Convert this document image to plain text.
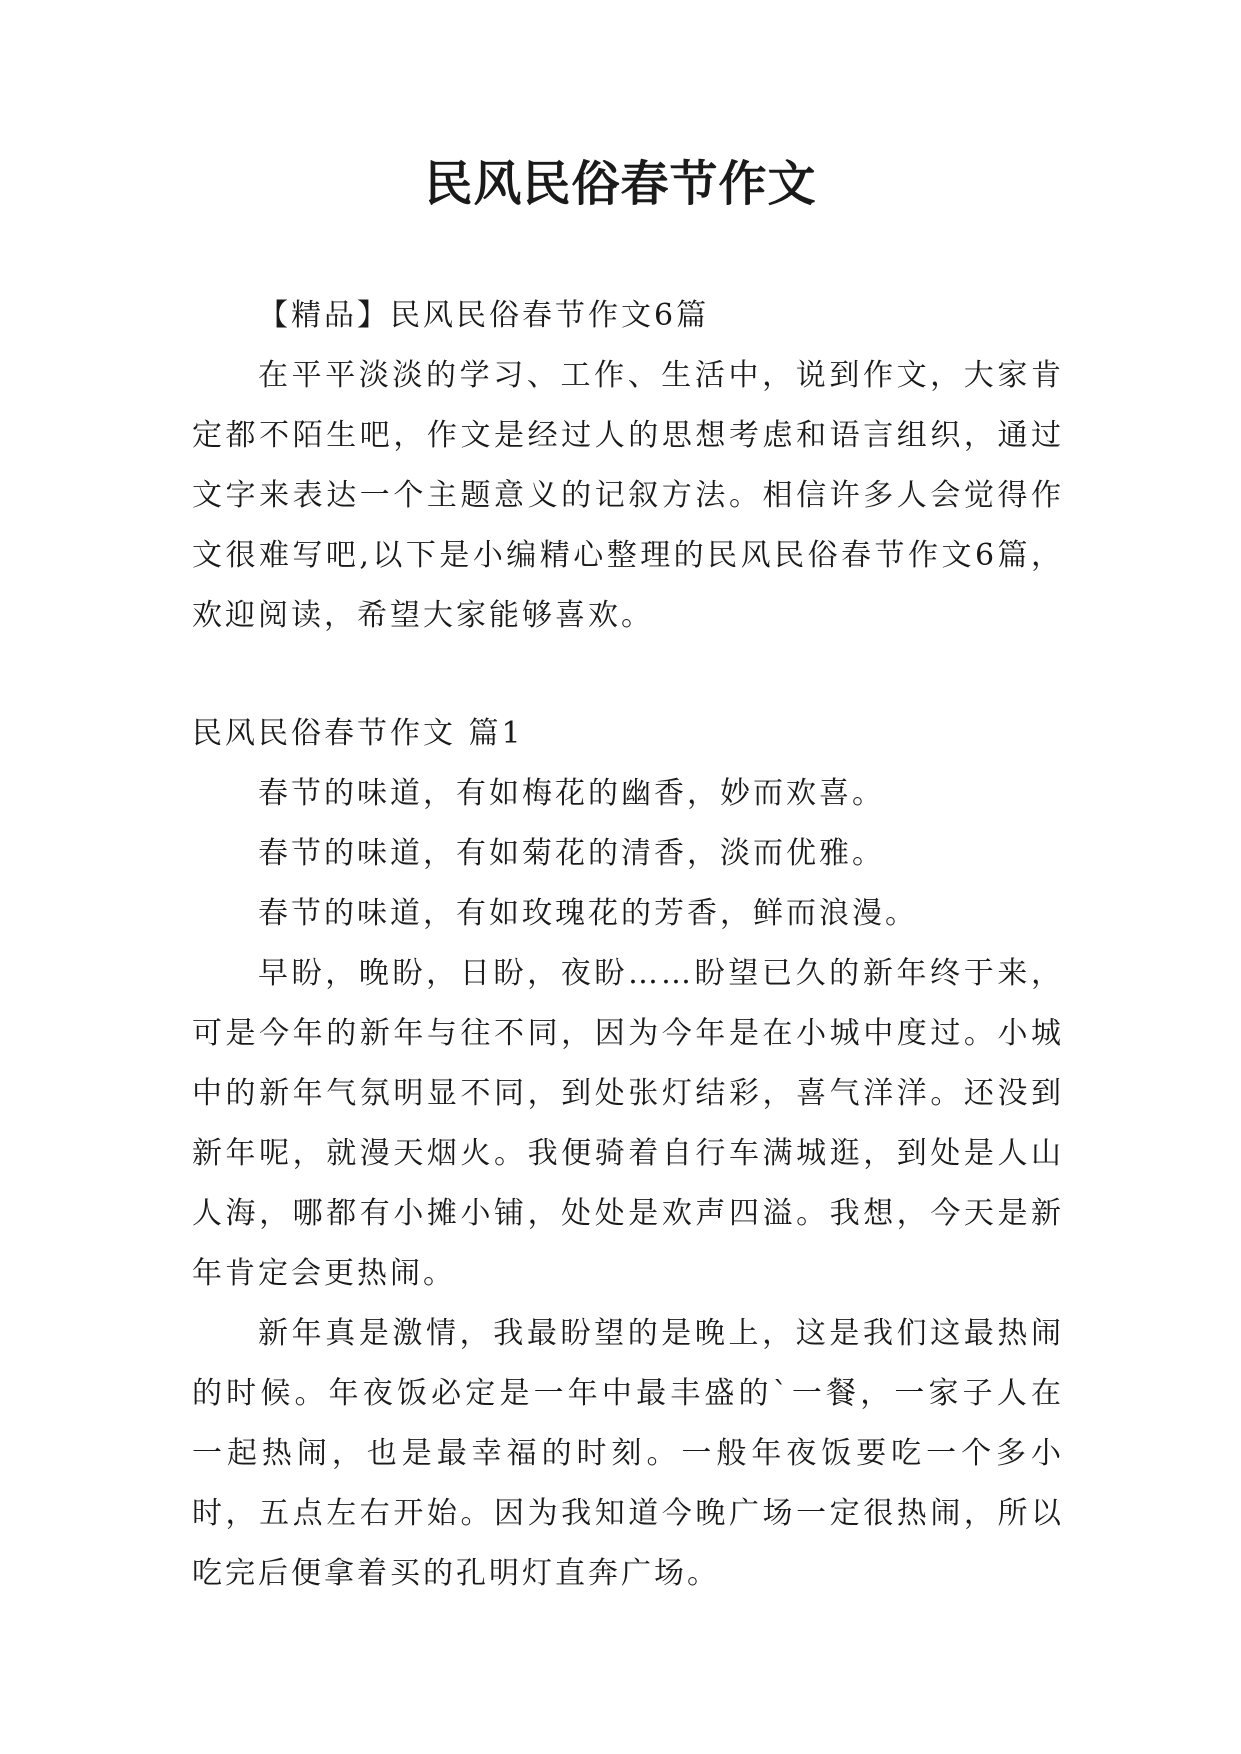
民风民俗春节作文

【精品】民风民俗春节作文6篇

在平平淡淡的学习、工作、生活中，说到作文，大家肯定都不陌生吧，作文是经过人的思想考虑和语言组织，通过文字来表达一个主题意义的记叙方法。相信许多人会觉得作文很难写吧,以下是小编精心整理的民风民俗春节作文6篇，欢迎阅读，希望大家能够喜欢。

民风民俗春节作文 篇1

春节的味道，有如梅花的幽香，妙而欢喜。

春节的味道，有如菊花的清香，淡而优雅。

春节的味道，有如玫瑰花的芳香，鲜而浪漫。

早盼，晚盼，日盼，夜盼……盼望已久的新年终于来，可是今年的新年与往不同，因为今年是在小城中度过。小城中的新年气氛明显不同，到处张灯结彩，喜气洋洋。还没到新年呢，就漫天烟火。我便骑着自行车满城逛，到处是人山人海，哪都有小摊小铺，处处是欢声四溢。我想，今天是新年肯定会更热闹。

新年真是激情，我最盼望的是晚上，这是我们这最热闹的时候。年夜饭必定是一年中最丰盛的`一餐，一家子人在一起热闹，也是最幸福的时刻。一般年夜饭要吃一个多小时，五点左右开始。因为我知道今晚广场一定很热闹，所以吃完后便拿着买的孔明灯直奔广场。
